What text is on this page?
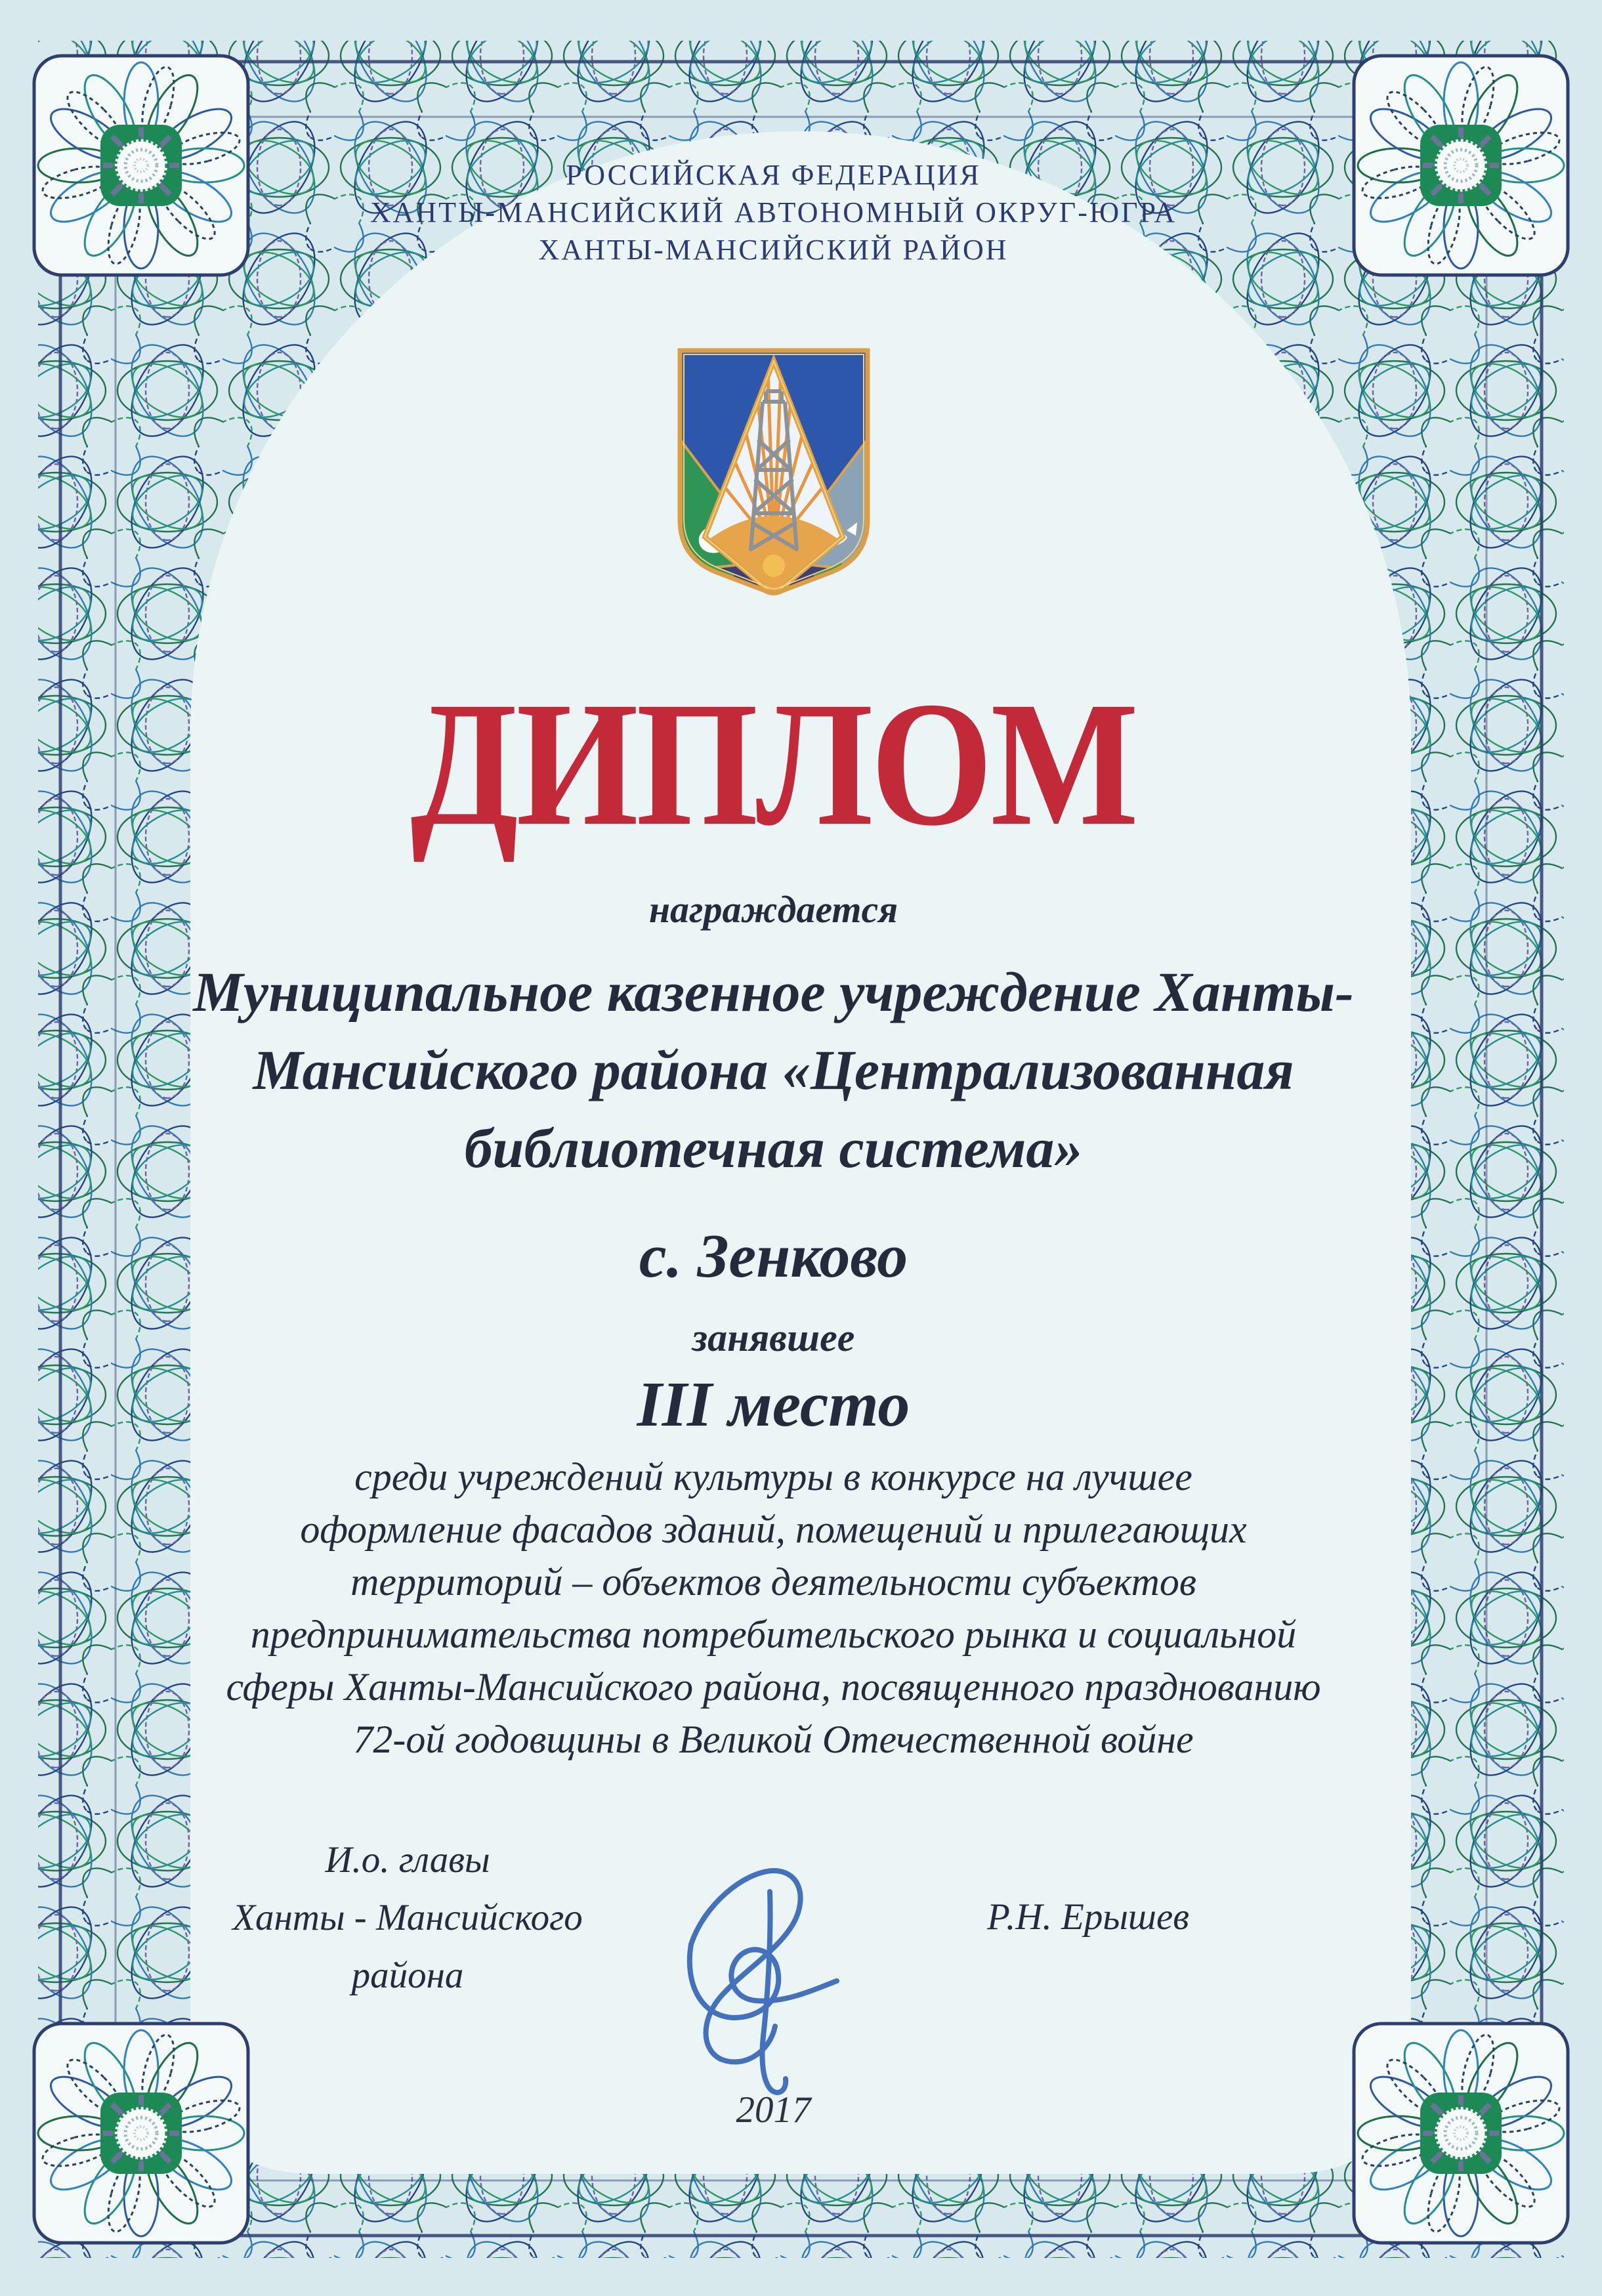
РОССИЙСКАЯ ФЕДЕРАЦИЯ
ХАНТЫ-МАНСИЙСКИЙ АВТОНОМНЫЙ ОКРУГ-ЮГРА
ХАНТЫ-МАНСИЙСКИЙ РАЙОН
ДИПЛОМ
награждается
Муниципальное казенное учреждение Ханты-
Мансийского района «Централизованная
библиотечная система»
с. Зенково
занявшее
III место
среди учреждений культуры в конкурсе на лучшее
оформление фасадов зданий, помещений и прилегающих
территорий – объектов деятельности субъектов
предпринимательства потребительского рынка и социальной
сферы Ханты-Мансийского района, посвященного празднованию
72-ой годовщины в Великой Отечественной войне
И.о. главы
Ханты - Мансийского
района
Р.Н. Ерышев
2017
